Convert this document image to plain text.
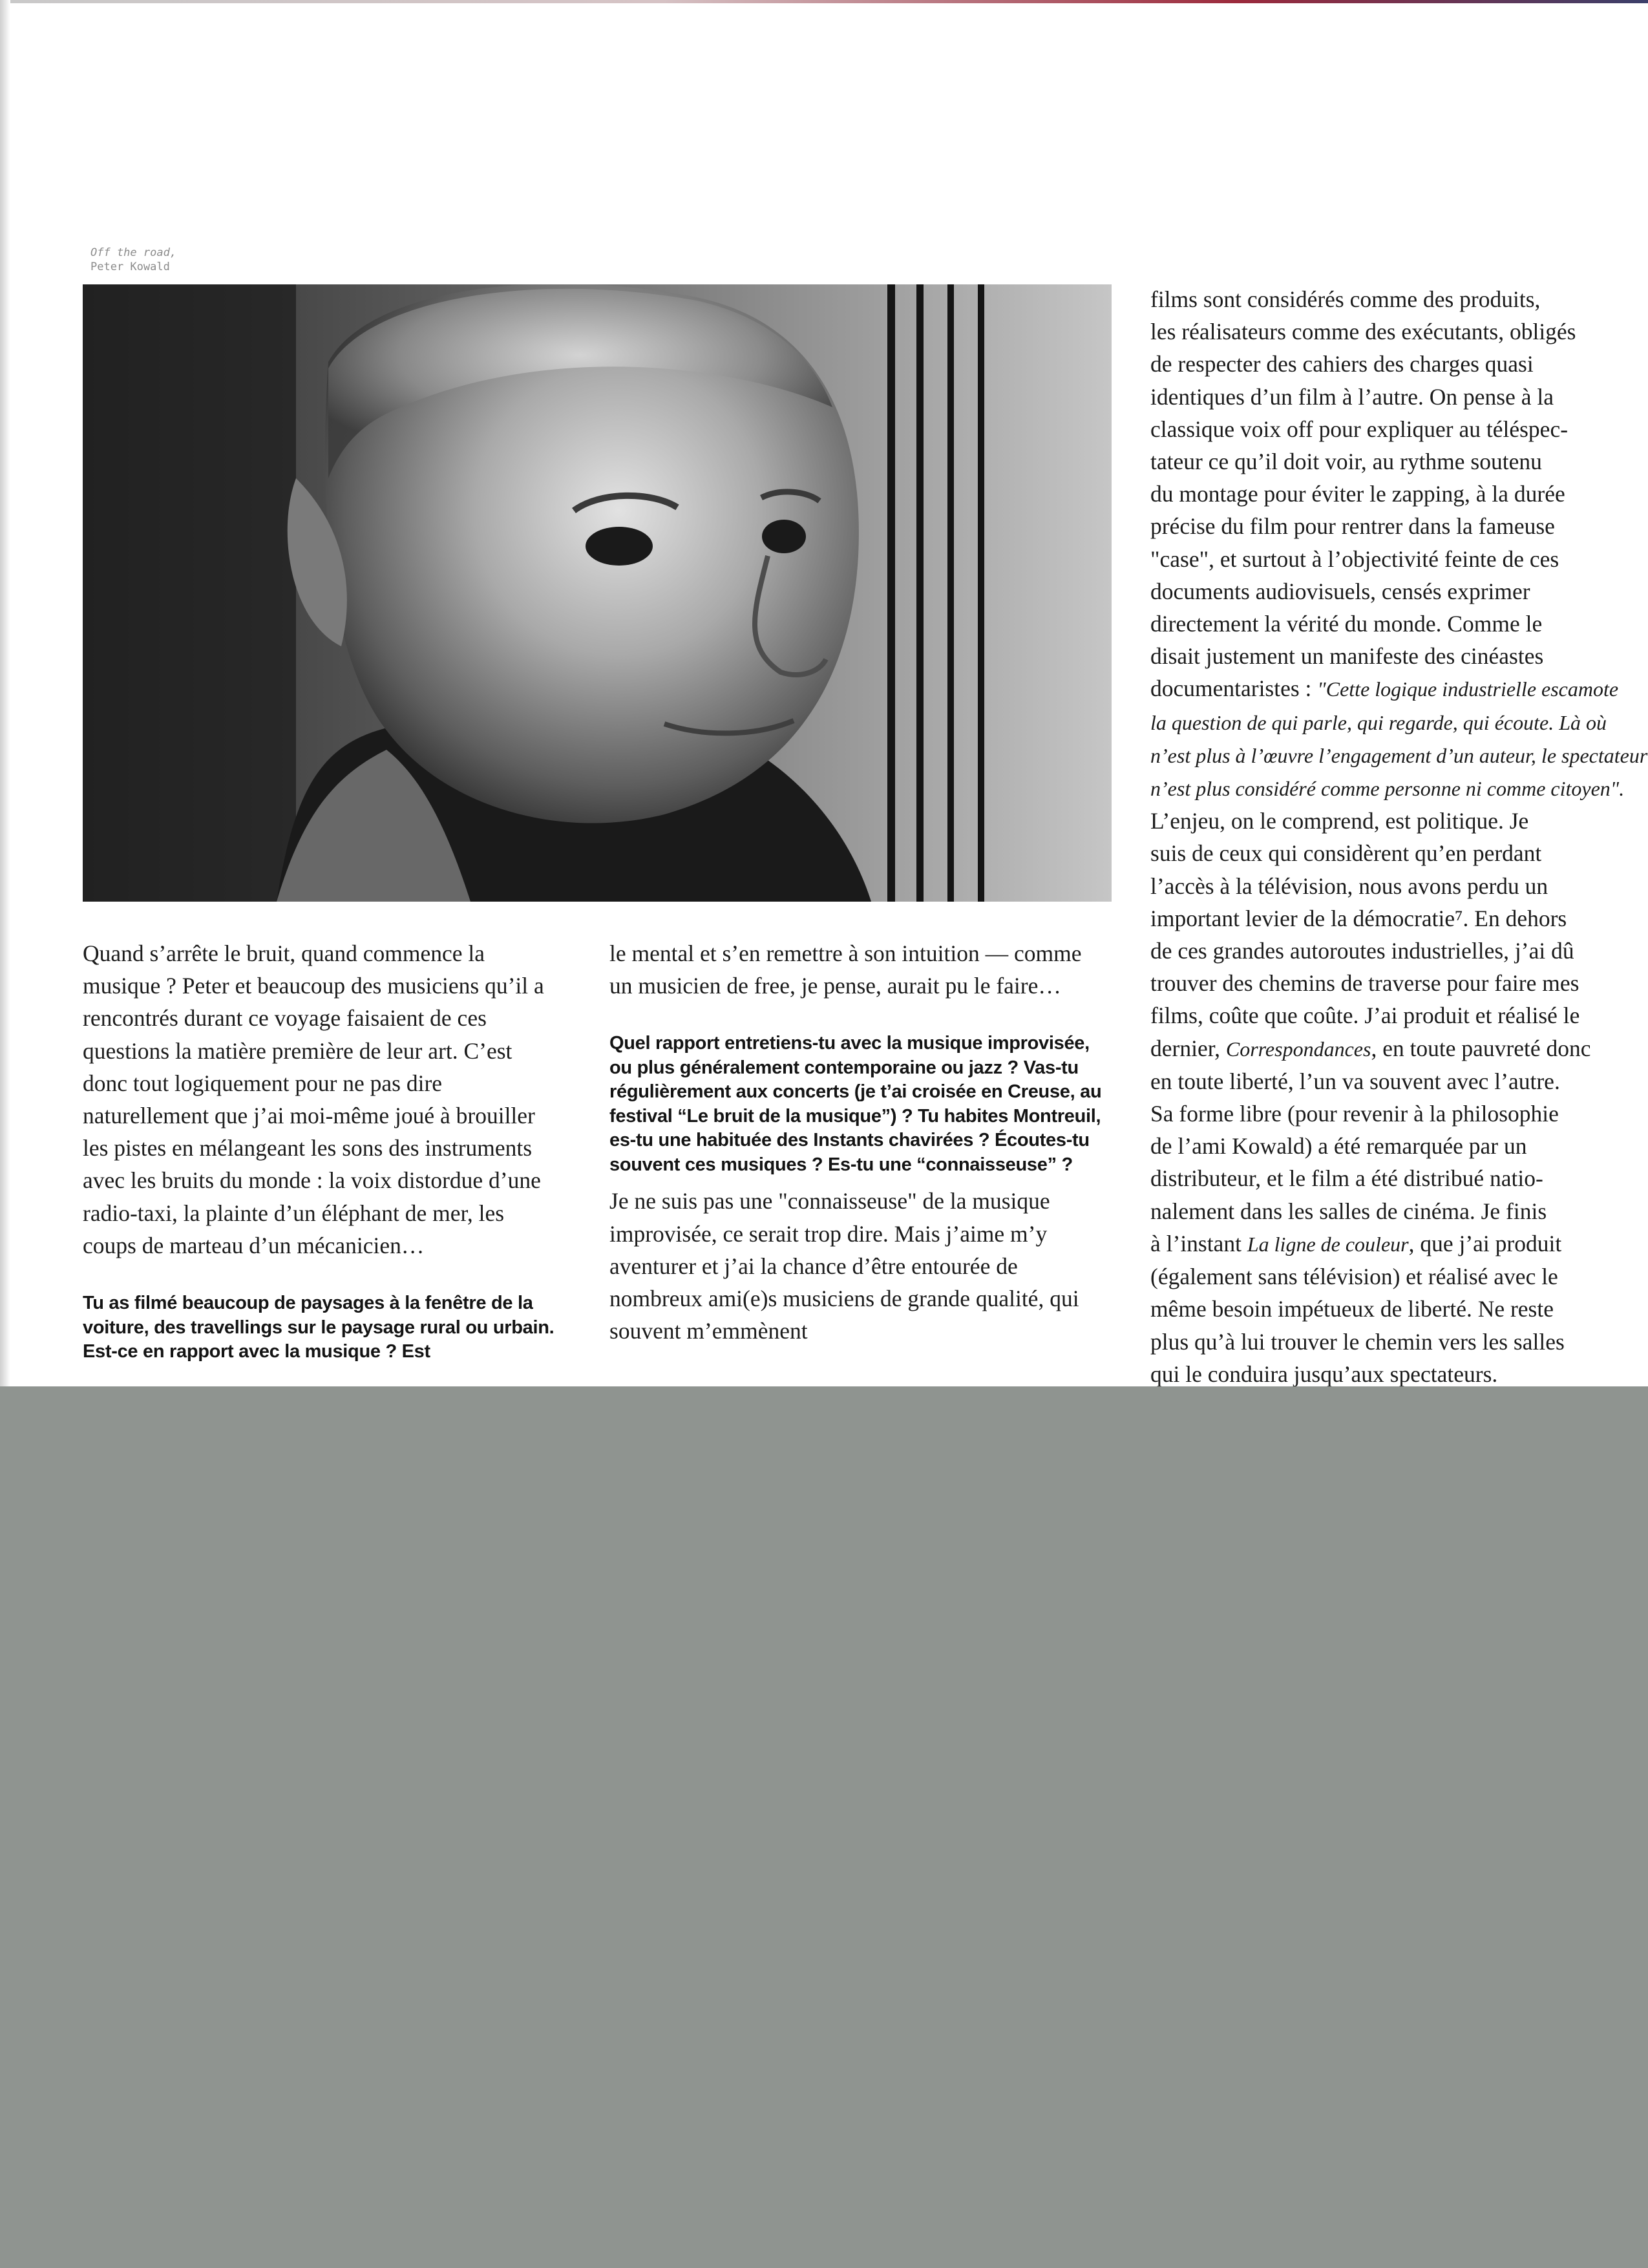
Off the road,
Peter Kowald

Quand s’arrête le bruit, quand commence la musique ? Peter et beaucoup des musiciens qu’il a rencontrés durant ce voyage faisaient de ces questions la matière première de leur art. C’est donc tout logiquement pour ne pas dire naturellement que j’ai moi-même joué à brouiller les pistes en mélangeant les sons des instruments avec les bruits du monde : la voix distordue d’une radio-taxi, la plainte d’un éléphant de mer, les coups de marteau d’un mécanicien…

Tu as filmé beaucoup de paysages à la fenêtre de la voiture, des travellings sur le paysage rural ou urbain. Est-ce en rapport avec la musique ? Est

le mental et s’en remettre à son intuition — comme un musicien de free, je pense, aurait pu le faire…

Quel rapport entretiens-tu avec la musique improvisée, ou plus généralement contemporaine ou jazz ? Vas-tu régulièrement aux concerts (je t’ai croisée en Creuse, au festival “Le bruit de la musique”) ? Tu habites Montreuil, es-tu une habituée des Instants chavirées ? Écoutes-tu souvent ces musiques ? Es-tu une “connaisseuse” ?

Je ne suis pas une "connaisseuse" de la musique improvisée, ce serait trop dire. Mais j’aime m’y aventurer et j’ai la chance d’être entourée de nombreux ami(e)s musiciens de grande qualité, qui souvent m’emmènent

films sont considérés comme des produits,
les réalisateurs comme des exécutants, obligés
de respecter des cahiers des charges quasi
identiques d’un film à l’autre. On pense à la
classique voix off pour expliquer au téléspec-
tateur ce qu’il doit voir, au rythme soutenu
du montage pour éviter le zapping, à la durée
précise du film pour rentrer dans la fameuse
"case", et surtout à l’objectivité feinte de ces
documents audiovisuels, censés exprimer
directement la vérité du monde. Comme le
disait justement un manifeste des cinéastes
documentaristes : "Cette logique industrielle escamote
la question de qui parle, qui regarde, qui écoute. Là où
n’est plus à l’œuvre l’engagement d’un auteur, le spectateur
n’est plus considéré comme personne ni comme citoyen".
L’enjeu, on le comprend, est politique. Je
suis de ceux qui considèrent qu’en perdant
l’accès à la télévision, nous avons perdu un
important levier de la démocratie⁷. En dehors
de ces grandes autoroutes industrielles, j’ai dû
trouver des chemins de traverse pour faire mes
films, coûte que coûte. J’ai produit et réalisé le
dernier, Correspondances, en toute pauvreté donc
en toute liberté, l’un va souvent avec l’autre.
Sa forme libre (pour revenir à la philosophie
de l’ami Kowald) a été remarquée par un
distributeur, et le film a été distribué natio-
nalement dans les salles de cinéma. Je finis
à l’instant La ligne de couleur, que j’ai produit
(également sans télévision) et réalisé avec le
même besoin impétueux de liberté. Ne reste
plus qu’à lui trouver le chemin vers les salles
qui le conduira jusqu’aux spectateurs.
